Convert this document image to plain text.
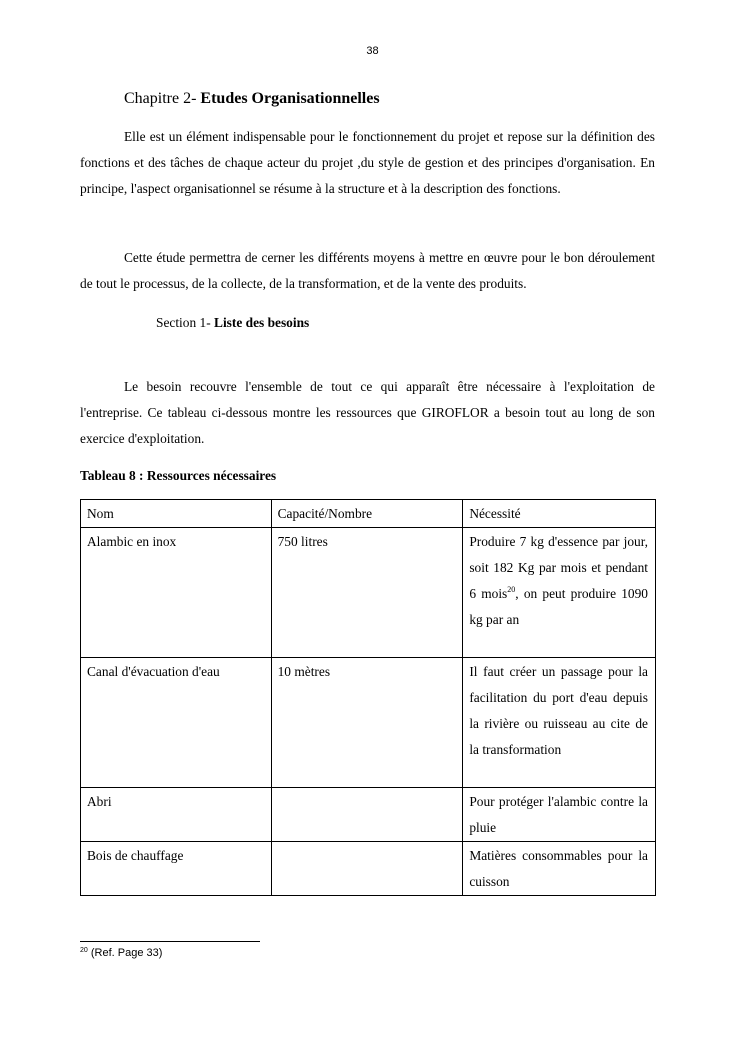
38
Chapitre 2- Etudes Organisationnelles

Elle est un élément indispensable pour le fonctionnement du projet et repose sur la définition des fonctions et des tâches de chaque acteur du projet ,du style de gestion et des principes d'organisation. En principe, l'aspect organisationnel se résume à la structure et à la description des fonctions.

Cette étude permettra de cerner les différents moyens à mettre en œuvre pour le bon déroulement de tout le processus, de la collecte, de la transformation, et de la vente des produits.

Section 1- Liste des besoins

Le besoin recouvre l'ensemble de tout ce qui apparaît être nécessaire à l'exploitation de l'entreprise. Ce tableau ci-dessous montre les ressources que GIROFLOR a besoin tout au long de son exercice d'exploitation.

Tableau 8 : Ressources nécessaires
Nom	Capacité/Nombre	Nécessité
Alambic en inox	750 litres	Produire 7 kg d'essence par jour, soit 182 Kg par mois et pendant 6 mois$^{20}$, on peut produire 1090 kg par an
Canal d'évacuation d'eau	10 mètres	Il faut créer un passage pour la facilitation du port d'eau depuis la rivière ou ruisseau au cite de la transformation
Abri		Pour protéger l'alambic contre la pluie
Bois de chauffage		Matières consommables pour la cuisson
$^{20}$ (Ref. Page 33)
